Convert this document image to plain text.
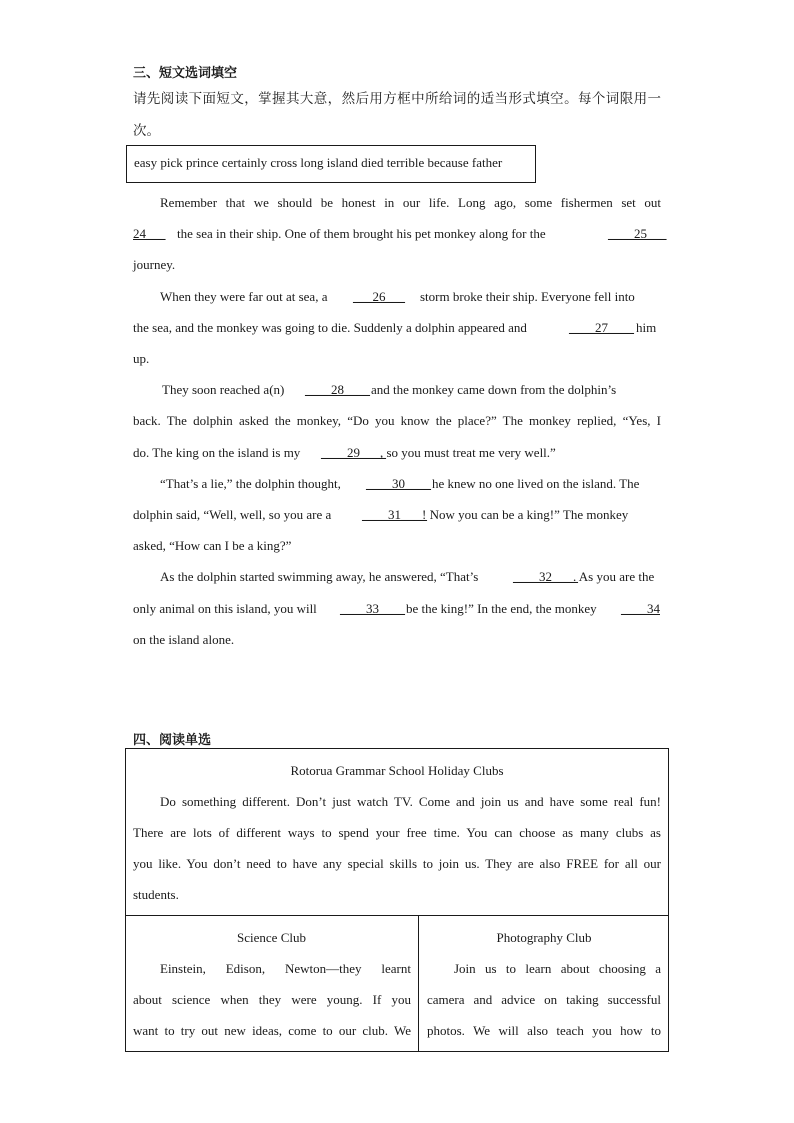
三、短文选词填空
请先阅读下面短文，掌握其大意，然后用方框中所给词的适当形式填空。每个词限用一
次。
easy pick prince certainly cross long island died terrible because father
Remember that we should be honest in our life. Long ago, some fishermen set out
24___ the sea in their ship. One of them brought his pet monkey along for the	____25___
journey.
When they were far out at sea, a ___26___ storm broke their ship. Everyone fell into
the sea, and the monkey was going to die. Suddenly a dolphin appeared and	____27____ him
up.
They soon reached a(n) ____28____ and the monkey came down from the dolphin’s
back. The dolphin asked the monkey, “Do you know the place?” The monkey replied, “Yes, I
do. The king on the island is my ____29____
, so you must treat me very well.”
“That’s a lie,” the dolphin thought, ____30____ he knew no one lived on the island. The
dolphin said, “Well, well, so you are a ____31____
! Now you can be a king!” The monkey
asked, “How can I be a king?”
As the dolphin started swimming away, he answered, “That’s	____32____
. As you are the
only animal on this island, you will ____33____ be the king!” In the end, the monkey ____34
on the island alone.
四、阅读单选
Rotorua Grammar School Holiday Clubs
Do something different. Don’t just watch TV. Come and join us and have some real fun!
There are lots of different ways to spend your free time. You can choose as many clubs as
you like. You don’t need to have any special skills to join us. They are also FREE for all our
students.
Science Club
Einstein, Edison, Newton—they learnt
about science when they were young. If you
want to try out new ideas, come to our club. We
Photography Club
Join us to learn about choosing a
camera and advice on taking successful
photos. We will also teach you how to
